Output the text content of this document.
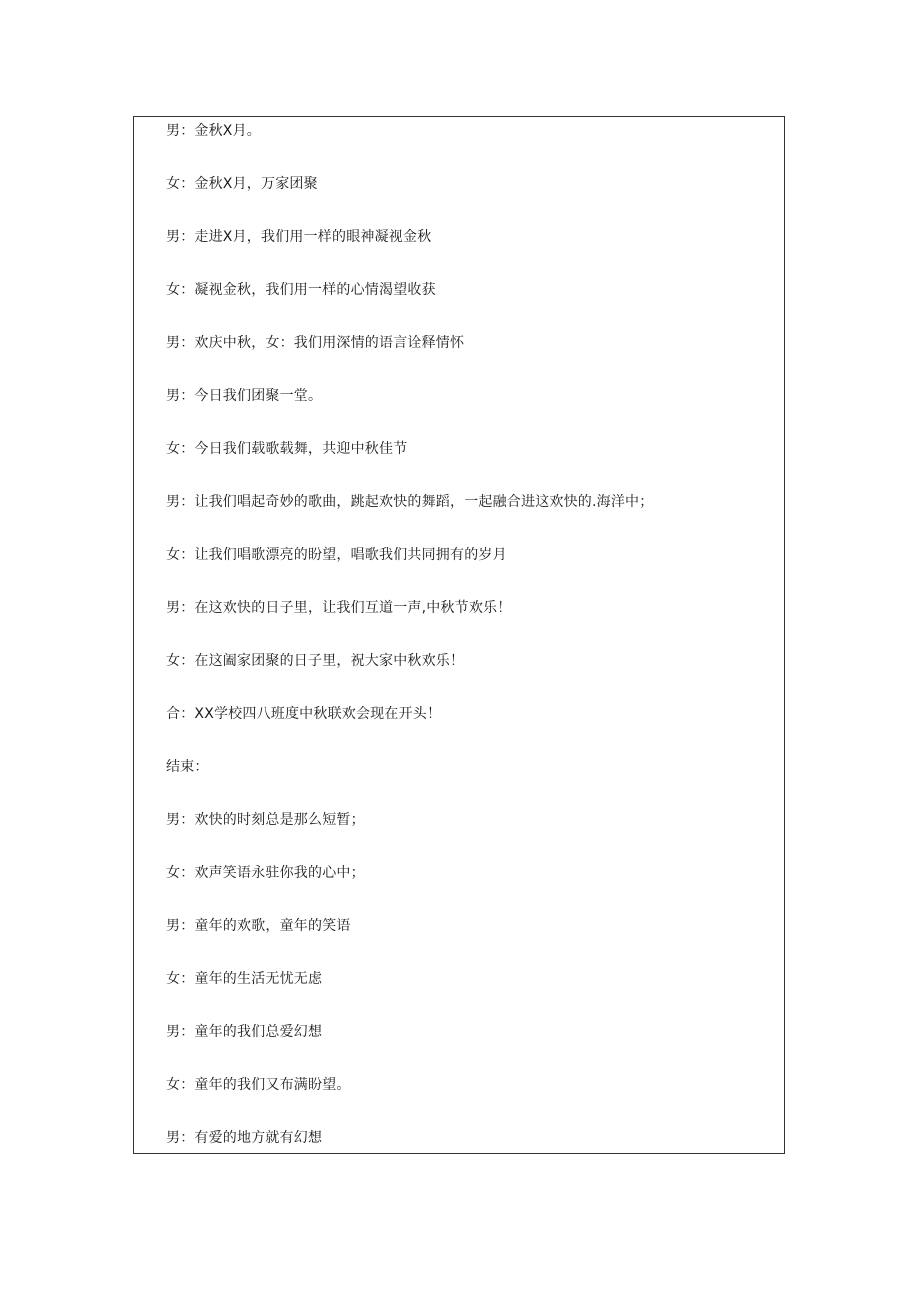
男：金秋X月。
女：金秋X月，万家团聚
男：走进X月，我们用一样的眼神凝视金秋
女：凝视金秋，我们用一样的心情渴望收获
男：欢庆中秋，女：我们用深情的语言诠释情怀
男：今日我们团聚一堂。
女：今日我们载歌载舞，共迎中秋佳节
男：让我们唱起奇妙的歌曲，跳起欢快的舞蹈，一起融合进这欢快的.海洋中；
女：让我们唱歌漂亮的盼望，唱歌我们共同拥有的岁月
男：在这欢快的日子里，让我们互道一声,中秋节欢乐！
女：在这阖家团聚的日子里，祝大家中秋欢乐！
合：XX学校四八班度中秋联欢会现在开头！
结束：
男：欢快的时刻总是那么短暂；
女：欢声笑语永驻你我的心中；
男：童年的欢歌，童年的笑语
女：童年的生活无忧无虑
男：童年的我们总爱幻想
女：童年的我们又布满盼望。
男：有爱的地方就有幻想
